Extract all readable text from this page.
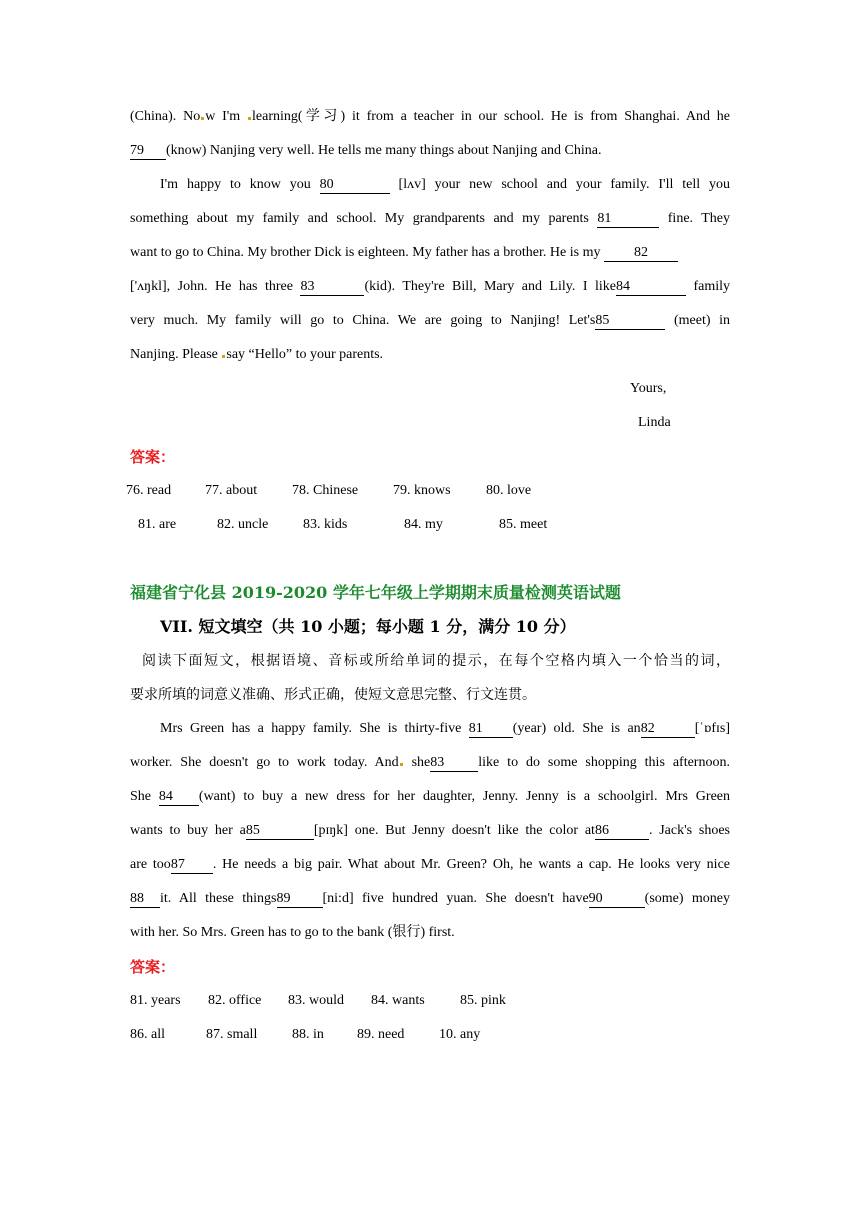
(China). No w I'm learning(学习) it from a teacher in our school. He is from Shanghai. And he
79 (know) Nanjing very well. He tells me many things about Nanjing and China.
I'm happy to know you 80	[lʌv] your new school and your family. I'll tell you
something about my family and school. My grandparents and my parents 81	fine. They
want to go to China. My brother Dick is eighteen. My father has a brother. He is my 82
['ʌŋkl], John. He has three 83	(kid). They're Bill, Mary and Lily. I like84	family
very much. My family will go to China. We are going to Nanjing! Let's85	(meet) in
Nanjing. Please say “Hello” to your parents.
Yours,
Linda
答案：
76. read 77. about 78. Chinese 79. knows	80. love
81. are	82. uncle 83. kids	84. my	85. meet
福建省宁化县 2019-2020 学年七年级上学期期末质量检测英语试题
VII. 短文填空（共 10 小题；每小题 1 分，满分 10 分）
阅读下面短文，根据语境、音标或所给单词的提示，在每个空格内填入一个恰当的词，
要求所填的词意义准确、形式正确，使短文意思完整、行文连贯。
Mrs Green has a happy family. She is thirty-five 81 (year) old. She is an82	[ˈɒfɪs]
worker. She doesn't go to work today. And she83 like to do some shopping this afternoon.
She 84 (want) to buy a new dress for her daughter, Jenny. Jenny is a schoolgirl. Mrs Green
wants to buy her a85	[pɪŋk] one. But Jenny doesn't like the color at86	. Jack's shoes
are too87 . He needs a big pair. What about Mr. Green? Oh, he wants a cap. He looks very nice
88 it. All these things89 [ni:d] five hundred yuan. She doesn't have90	(some) money
with her. So Mrs. Green has to go to the bank (银行) first.
答案：
81. years 82. office 83. would 84. wants	85. pink
86. all	87. small 88. in 89. need 10. any
